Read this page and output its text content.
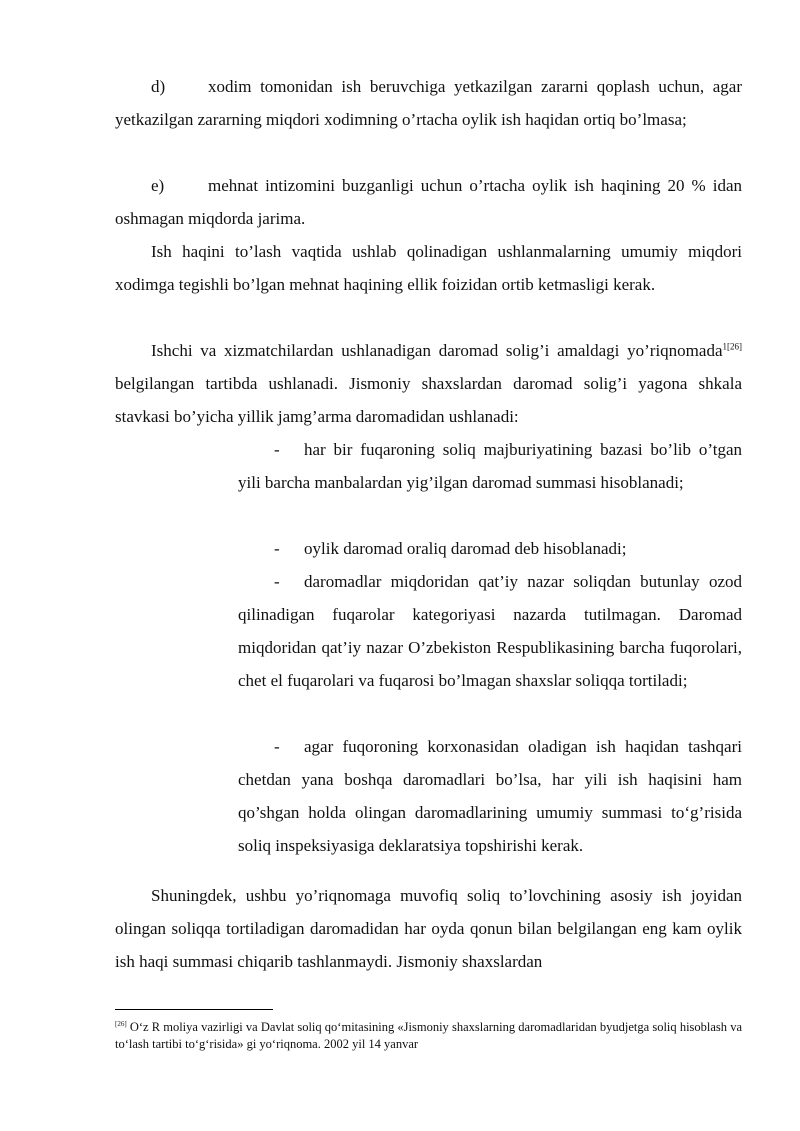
d)	xodim tomonidan ish beruvchiga yetkazilgan zararni qoplash uchun, agar yetkazilgan zararning miqdori xodimning o’rtacha oylik ish haqidan ortiq bo’lmasa;
e)	mehnat intizomini buzganligi uchun o’rtacha oylik ish haqining 20 % idan oshmagan miqdorda jarima.
Ish haqini to’lash vaqtida ushlab qolinadigan ushlanmalarning umumiy miqdori xodimga tegishli bo’lgan mehnat haqining ellik foizidan ortib ketmasligi kerak.
Ishchi va xizmatchilardan ushlanadigan daromad solig’i amaldagi yo’riqnomada$^{1[26]}$ belgilangan tartibda ushlanadi. Jismoniy shaxslardan daromad solig’i yagona shkala stavkasi bo’yicha yillik jamg’arma daromadidan ushlanadi:
- har bir fuqaroning soliq majburiyatining bazasi bo’lib o’tgan yili barcha manbalardan yig’ilgan daromad summasi hisoblanadi;
- oylik daromad oraliq daromad deb hisoblanadi;
- daromadlar miqdoridan qat’iy nazar soliqdan butunlay ozod qilinadigan fuqarolar kategoriyasi nazarda tutilmagan. Daromad miqdoridan qat’iy nazar O’zbekiston Respublikasining barcha fuqorolari, chet el fuqarolari va fuqarosi bo’lmagan shaxslar soliqqa tortiladi;
- agar fuqoroning korxonasidan oladigan ish haqidan tashqari chetdan yana boshqa daromadlari bo’lsa, har yili ish haqisini ham qo’shgan holda olingan daromadlarining umumiy summasi to‘g’risida soliq inspeksiyasiga deklaratsiya topshirishi kerak.
Shuningdek, ushbu yo’riqnomaga muvofiq soliq to’lovchining asosiy ish joyidan olingan soliqqa tortiladigan daromadidan har oyda qonun bilan belgilangan eng kam oylik ish haqi summasi chiqarib tashlanmaydi. Jismoniy shaxslardan
[26] O‘z R moliya vazirligi va Davlat soliq qo‘mitasining «Jismoniy shaxslarning daromadlaridan byudjetga soliq hisoblash va to‘lash tartibi to‘g‘risida» gi yo‘riqnoma. 2002 yil 14 yanvar
